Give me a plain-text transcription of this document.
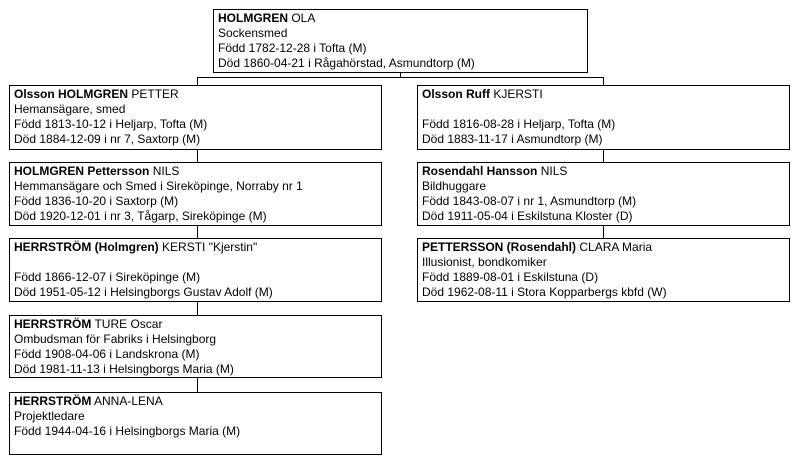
HOLMGREN OLA
Sockensmed
Född 1782-12-28 i Tofta (M)
Död 1860-04-21 i Rågahörstad, Asmundtorp (M)
Olsson HOLMGREN PETTER
Hemansägare, smed
Född 1813-10-12 i Heljarp, Tofta (M)
Död 1884-12-09 i nr 7, Saxtorp (M)
Olsson Ruff KJERSTI
Född 1816-08-28 i Heljarp, Tofta (M)
Död 1883-11-17 i Asmundtorp (M)
HOLMGREN Pettersson NILS
Hemmansägare och Smed i Sireköpinge, Norraby nr 1
Född 1836-10-20 i Saxtorp (M)
Död 1920-12-01 i nr 3, Tågarp, Sireköpinge (M)
Rosendahl Hansson NILS
Bildhuggare
Född 1843-08-07 i nr 1, Asmundtorp (M)
Död 1911-05-04 i Eskilstuna Kloster (D)
HERRSTRÖM (Holmgren) KERSTI "Kjerstin"
Född 1866-12-07 i Sireköpinge (M)
Död 1951-05-12 i Helsingborgs Gustav Adolf (M)
PETTERSSON (Rosendahl) CLARA Maria
Illusionist, bondkomiker
Född 1889-08-01 i Eskilstuna (D)
Död 1962-08-11 i Stora Kopparbergs kbfd (W)
HERRSTRÖM TURE Oscar
Ombudsman för Fabriks i Helsingborg
Född 1908-04-06 i Landskrona (M)
Död 1981-11-13 i Helsingborgs Maria (M)
HERRSTRÖM ANNA-LENA
Projektledare
Född 1944-04-16 i Helsingborgs Maria (M)
